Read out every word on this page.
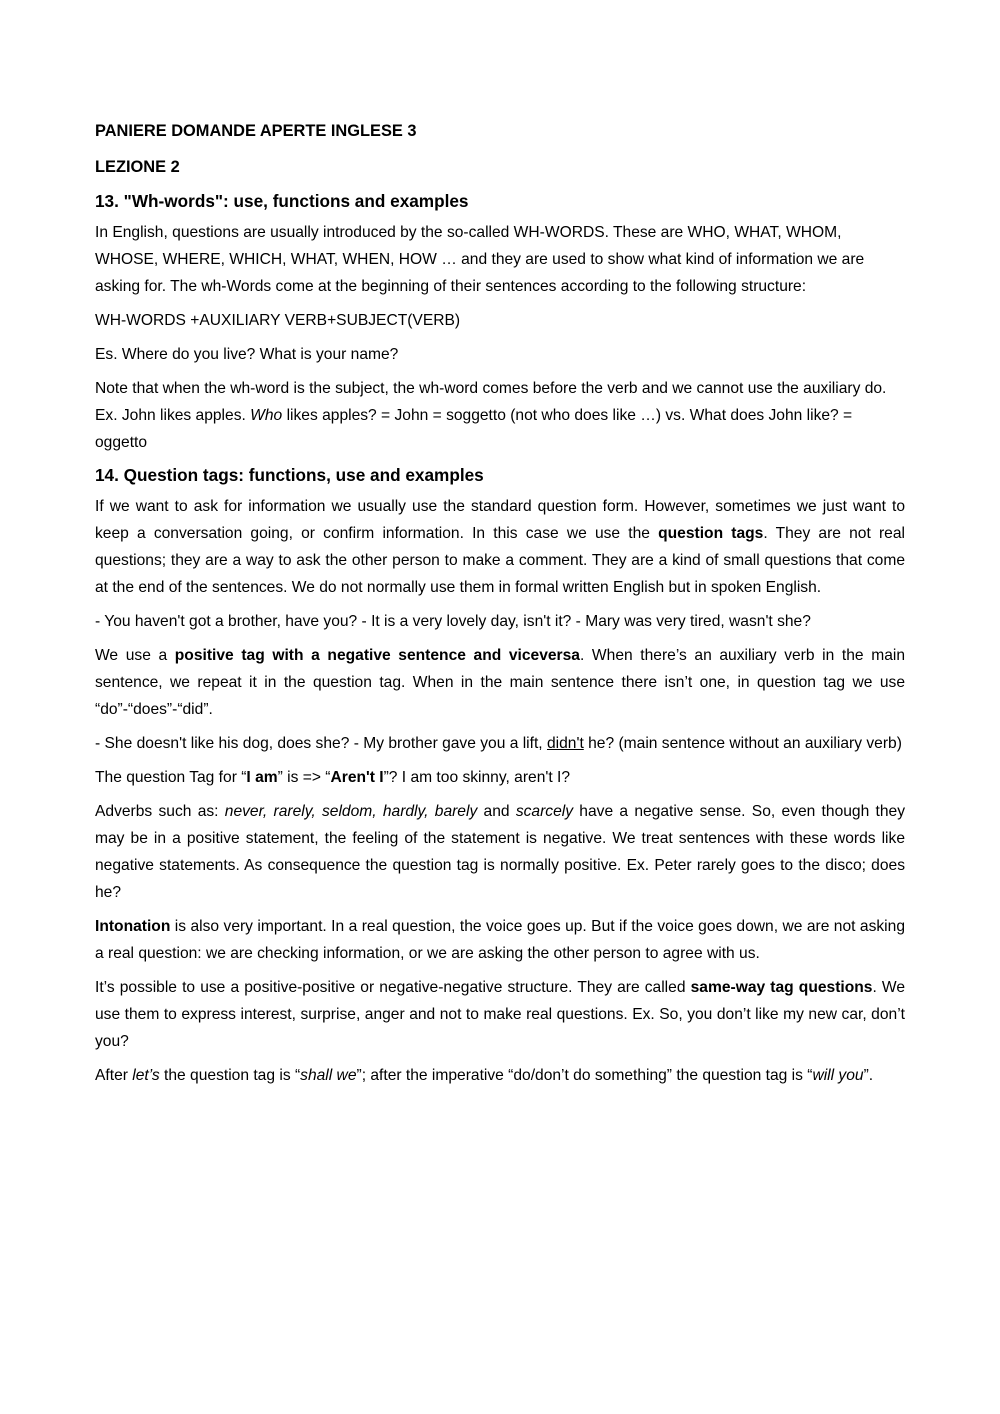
PANIERE DOMANDE APERTE INGLESE 3
LEZIONE 2
13. "Wh-words": use, functions and examples

In English, questions are usually introduced by the so-called WH-WORDS. These are WHO, WHAT, WHOM, WHOSE, WHERE, WHICH, WHAT, WHEN, HOW … and they are used to show what kind of information we are asking for. The wh-Words come at the beginning of their sentences according to the following structure:

WH-WORDS +AUXILIARY VERB+SUBJECT(VERB)

Es. Where do you live? What is your name?

Note that when the wh-word is the subject, the wh-word comes before the verb and we cannot use the auxiliary do. Ex. John likes apples. Who likes apples? = John = soggetto (not who does like …) vs. What does John like? = oggetto

14. Question tags: functions, use and examples

If we want to ask for information we usually use the standard question form. However, sometimes we just want to keep a conversation going, or confirm information. In this case we use the question tags. They are not real questions; they are a way to ask the other person to make a comment. They are a kind of small questions that come at the end of the sentences. We do not normally use them in formal written English but in spoken English.

- You haven't got a brother, have you? - It is a very lovely day, isn't it? - Mary was very tired, wasn't she?

We use a positive tag with a negative sentence and viceversa. When there’s an auxiliary verb in the main sentence, we repeat it in the question tag. When in the main sentence there isn’t one, in question tag we use “do”-“does”-“did”.

- She doesn't like his dog, does she? - My brother gave you a lift, didn't he? (main sentence without an auxiliary verb)

The question Tag for “I am” is => “Aren't I”? I am too skinny, aren't I?

Adverbs such as: never, rarely, seldom, hardly, barely and scarcely have a negative sense. So, even though they may be in a positive statement, the feeling of the statement is negative. We treat sentences with these words like negative statements. As consequence the question tag is normally positive. Ex. Peter rarely goes to the disco; does he?

Intonation is also very important. In a real question, the voice goes up. But if the voice goes down, we are not asking a real question: we are checking information, or we are asking the other person to agree with us.

It’s possible to use a positive-positive or negative-negative structure. They are called same-way tag questions. We use them to express interest, surprise, anger and not to make real questions. Ex. So, you don’t like my new car, don’t you?

After let’s the question tag is “shall we”; after the imperative “do/don’t do something” the question tag is “will you”.
